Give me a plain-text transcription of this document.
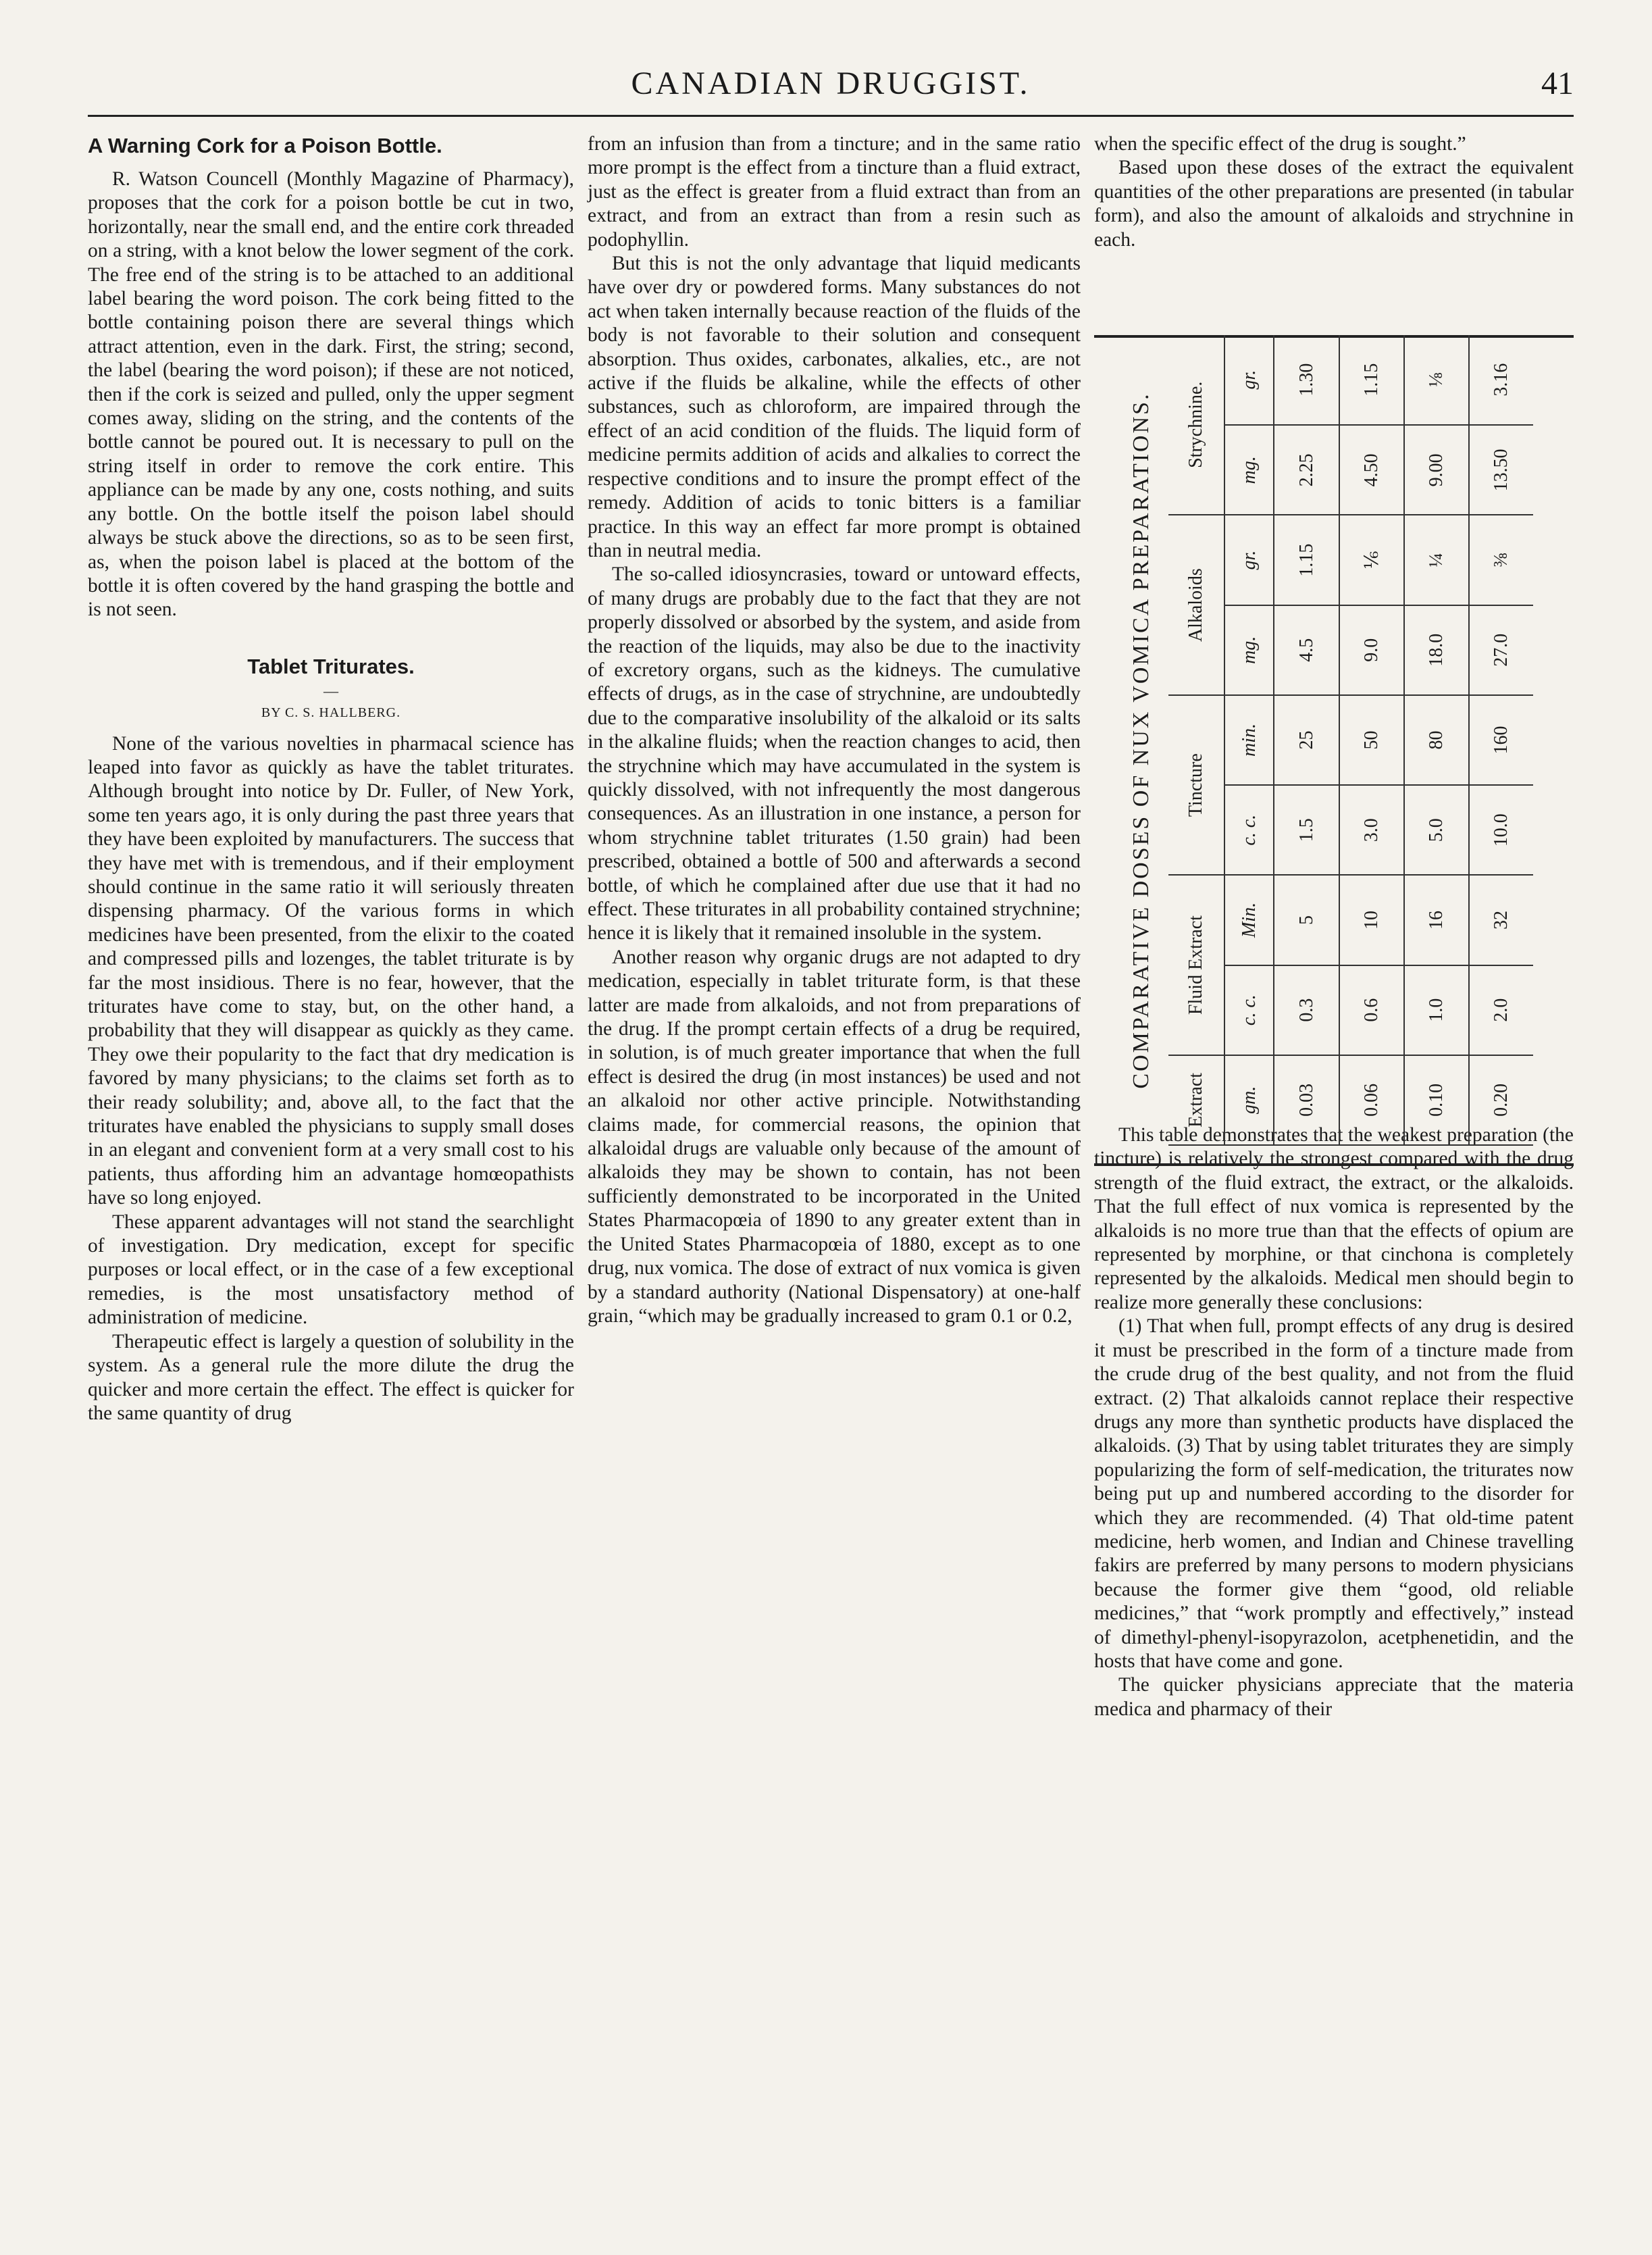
CANADIAN DRUGGIST.	41
A Warning Cork for a Poison Bottle.

R. Watson Councell (Monthly Magazine of Pharmacy), proposes that the cork for a poison bottle be cut in two, horizontally, near the small end, and the entire cork threaded on a string, with a knot below the lower segment of the cork. The free end of the string is to be attached to an additional label bearing the word poison. The cork being fitted to the bottle containing poison there are several things which attract attention, even in the dark. First, the string; second, the label (bearing the word poison); if these are not noticed, then if the cork is seized and pulled, only the upper segment comes away, sliding on the string, and the contents of the bottle cannot be poured out. It is necessary to pull on the string itself in order to remove the cork entire. This appliance can be made by any one, costs nothing, and suits any bottle. On the bottle itself the poison label should always be stuck above the directions, so as to be seen first, as, when the poison label is placed at the bottom of the bottle it is often covered by the hand grasping the bottle and is not seen.

Tablet Triturates.
—
BY C. S. HALLBERG.

None of the various novelties in pharmacal science has leaped into favor as quickly as have the tablet triturates. Although brought into notice by Dr. Fuller, of New York, some ten years ago, it is only during the past three years that they have been exploited by manufacturers. The success that they have met with is tremendous, and if their employment should continue in the same ratio it will seriously threaten dispensing pharmacy. Of the various forms in which medicines have been presented, from the elixir to the coated and compressed pills and lozenges, the tablet triturate is by far the most insidious. There is no fear, however, that the triturates have come to stay, but, on the other hand, a probability that they will disappear as quickly as they came. They owe their popularity to the fact that dry medication is favored by many physicians; to the claims set forth as to their ready solubility; and, above all, to the fact that the triturates have enabled the physicians to supply small doses in an elegant and convenient form at a very small cost to his patients, thus affording him an advantage homœopathists have so long enjoyed.

These apparent advantages will not stand the searchlight of investigation. Dry medication, except for specific purposes or local effect, or in the case of a few exceptional remedies, is the most unsatisfactory method of administration of medicine.

Therapeutic effect is largely a question of solubility in the system. As a general rule the more dilute the drug the quicker and more certain the effect. The effect is quicker for the same quantity of drug

from an infusion than from a tincture; and in the same ratio more prompt is the effect from a tincture than a fluid extract, just as the effect is greater from a fluid extract than from an extract, and from an extract than from a resin such as podophyllin.

But this is not the only advantage that liquid medicants have over dry or powdered forms. Many substances do not act when taken internally because reaction of the fluids of the body is not favorable to their solution and consequent absorption. Thus oxides, carbonates, alkalies, etc., are not active if the fluids be alkaline, while the effects of other substances, such as chloroform, are impaired through the effect of an acid condition of the fluids. The liquid form of medicine permits addition of acids and alkalies to correct the respective conditions and to insure the prompt effect of the remedy. Addition of acids to tonic bitters is a familiar practice. In this way an effect far more prompt is obtained than in neutral media.

The so-called idiosyncrasies, toward or untoward effects, of many drugs are probably due to the fact that they are not properly dissolved or absorbed by the system, and aside from the reaction of the liquids, may also be due to the inactivity of excretory organs, such as the kidneys. The cumulative effects of drugs, as in the case of strychnine, are undoubtedly due to the comparative insolubility of the alkaloid or its salts in the alkaline fluids; when the reaction changes to acid, then the strychnine which may have accumulated in the system is quickly dissolved, with not infrequently the most dangerous consequences. As an illustration in one instance, a person for whom strychnine tablet triturates (1.50 grain) had been prescribed, obtained a bottle of 500 and afterwards a second bottle, of which he complained after due use that it had no effect. These triturates in all probability contained strychnine; hence it is likely that it remained insoluble in the system.

Another reason why organic drugs are not adapted to dry medication, especially in tablet triturate form, is that these latter are made from alkaloids, and not from preparations of the drug. If the prompt certain effects of a drug be required, in solution, is of much greater importance that when the full effect is desired the drug (in most instances) be used and not an alkaloid nor other active principle. Notwithstanding claims made, for commercial reasons, the opinion that alkaloidal drugs are valuable only because of the amount of alkaloids they may be shown to contain, has not been sufficiently demonstrated to be incorporated in the United States Pharmacopœia of 1890 to any greater extent than in the United States Pharmacopœia of 1880, except as to one drug, nux vomica. The dose of extract of nux vomica is given by a standard authority (National Dispensatory) at one-half grain, “which may be gradually increased to gram 0.1 or 0.2,

when the specific effect of the drug is sought.”

Based upon these doses of the extract the equivalent quantities of the other preparations are presented (in tabular form), and also the amount of alkaloids and strychnine in each.

This table demonstrates that the weakest preparation (the tincture) is relatively the strongest compared with the drug strength of the fluid extract, the extract, or the alkaloids. That the full effect of nux vomica is represented by the alkaloids is no more true than that the effects of opium are represented by morphine, or that cinchona is completely represented by the alkaloids. Medical men should begin to realize more generally these conclusions:

(1) That when full, prompt effects of any drug is desired it must be prescribed in the form of a tincture made from the crude drug of the best quality, and not from the fluid extract. (2) That alkaloids cannot replace their respective drugs any more than synthetic products have displaced the alkaloids. (3) That by using tablet triturates they are simply popularizing the form of self-medication, the triturates now being put up and numbered according to the disorder for which they are recommended. (4) That old-time patent medicine, herb women, and Indian and Chinese travelling fakirs are preferred by many persons to modern physicians because the former give them “good, old reliable medicines,” that “work promptly and effectively,” instead of dimethyl-phenyl-isopyrazolon, acetphenetidin, and the hosts that have come and gone.

The quicker physicians appreciate that the materia medica and pharmacy of their

COMPARATIVE DOSES OF NUX VOMICA PREPARATIONS.
Extract	Fluid Extract		Tincture		Alkaloids		Strychnine.	
gm.	c. c.	Min.	c. c.	min.	mg.	gr.	mg.	gr.
0.03	0.3	5	1.5	25	4.5	1.15	2.25	1.30
0.06	0.6	10	3.0	50	9.0	⅙	4.50	1.15
0.10	1.0	16	5.0	80	18.0	¼	9.00	⅛
0.20	2.0	32	10.0	160	27.0	⅜	13.50	3.16
